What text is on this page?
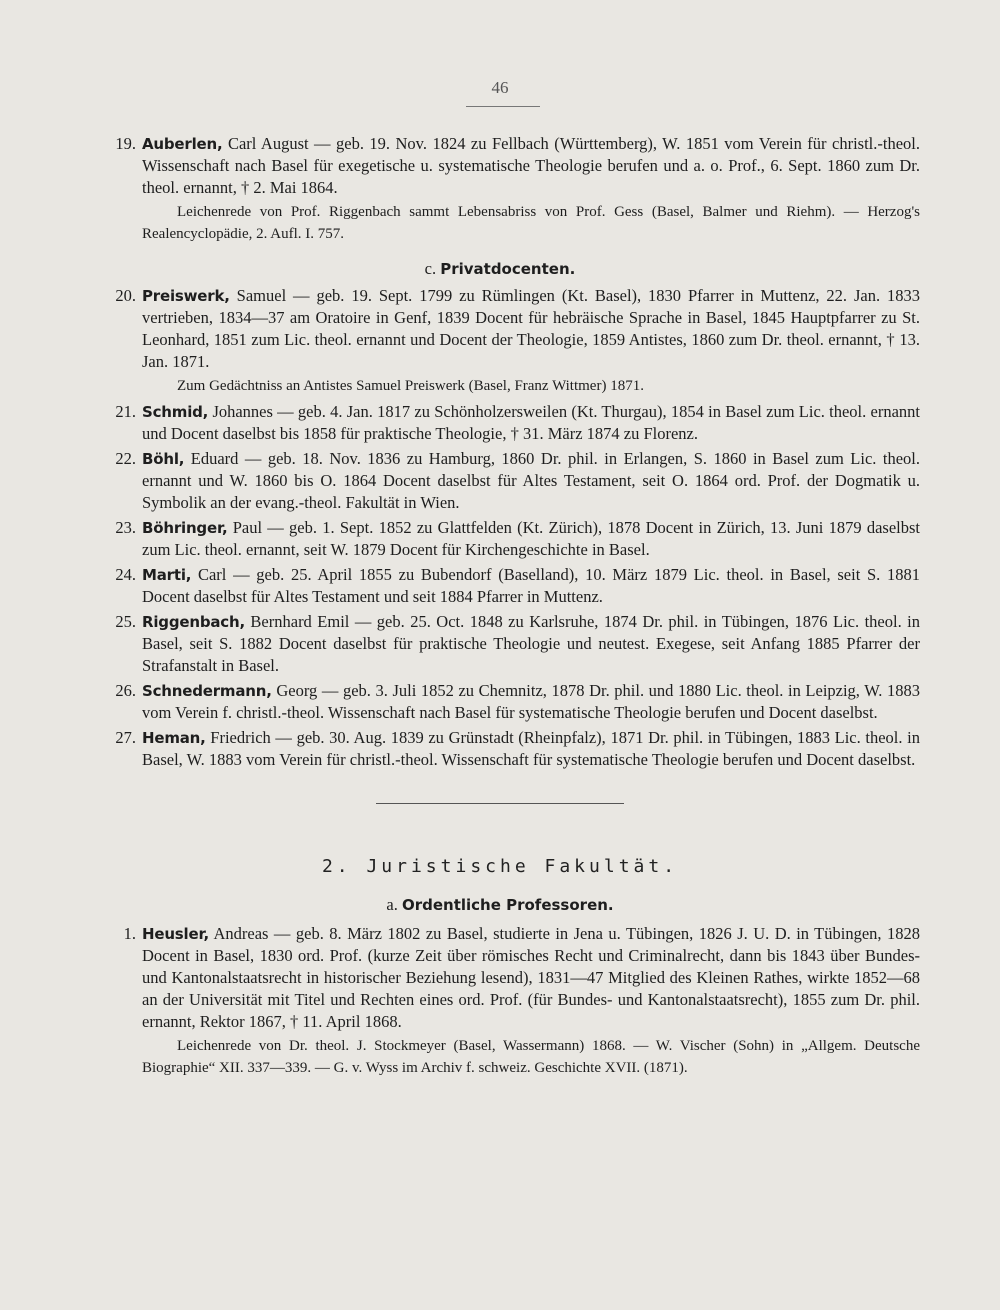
46
19. Auberlen, Carl August — geb. 19. Nov. 1824 zu Fellbach (Württemberg), W. 1851 vom Verein für christl.-theol. Wissenschaft nach Basel für exegetische u. systematische Theologie berufen und a. o. Prof., 6. Sept. 1860 zum Dr. theol. ernannt, † 2. Mai 1864.
Leichenrede von Prof. Riggenbach sammt Lebensabriss von Prof. Gess (Basel, Balmer und Riehm). — Herzog's Realencyclopädie, 2. Aufl. I. 757.
c. Privatdocenten.
20. Preiswerk, Samuel — geb. 19. Sept. 1799 zu Rümlingen (Kt. Basel), 1830 Pfarrer in Muttenz, 22. Jan. 1833 vertrieben, 1834—37 am Oratoire in Genf, 1839 Docent für hebräische Sprache in Basel, 1845 Hauptpfarrer zu St. Leonhard, 1851 zum Lic. theol. ernannt und Docent der Theologie, 1859 Antistes, 1860 zum Dr. theol. ernannt, † 13. Jan. 1871.
Zum Gedächtniss an Antistes Samuel Preiswerk (Basel, Franz Wittmer) 1871.
21. Schmid, Johannes — geb. 4. Jan. 1817 zu Schönholzersweilen (Kt. Thurgau), 1854 in Basel zum Lic. theol. ernannt und Docent daselbst bis 1858 für praktische Theologie, † 31. März 1874 zu Florenz.
22. Böhl, Eduard — geb. 18. Nov. 1836 zu Hamburg, 1860 Dr. phil. in Erlangen, S. 1860 in Basel zum Lic. theol. ernannt und W. 1860 bis O. 1864 Docent daselbst für Altes Testament, seit O. 1864 ord. Prof. der Dogmatik u. Symbolik an der evang.-theol. Fakultät in Wien.
23. Böhringer, Paul — geb. 1. Sept. 1852 zu Glattfelden (Kt. Zürich), 1878 Docent in Zürich, 13. Juni 1879 daselbst zum Lic. theol. ernannt, seit W. 1879 Docent für Kirchengeschichte in Basel.
24. Marti, Carl — geb. 25. April 1855 zu Bubendorf (Baselland), 10. März 1879 Lic. theol. in Basel, seit S. 1881 Docent daselbst für Altes Testament und seit 1884 Pfarrer in Muttenz.
25. Riggenbach, Bernhard Emil — geb. 25. Oct. 1848 zu Karlsruhe, 1874 Dr. phil. in Tübingen, 1876 Lic. theol. in Basel, seit S. 1882 Docent daselbst für praktische Theologie und neutest. Exegese, seit Anfang 1885 Pfarrer der Strafanstalt in Basel.
26. Schnedermann, Georg — geb. 3. Juli 1852 zu Chemnitz, 1878 Dr. phil. und 1880 Lic. theol. in Leipzig, W. 1883 vom Verein f. christl.-theol. Wissenschaft nach Basel für systematische Theologie berufen und Docent daselbst.
27. Heman, Friedrich — geb. 30. Aug. 1839 zu Grünstadt (Rheinpfalz), 1871 Dr. phil. in Tübingen, 1883 Lic. theol. in Basel, W. 1883 vom Verein für christl.-theol. Wissenschaft für systematische Theologie berufen und Docent daselbst.
2. Juristische Fakultät.
a. Ordentliche Professoren.
1. Heusler, Andreas — geb. 8. März 1802 zu Basel, studierte in Jena u. Tübingen, 1826 J. U. D. in Tübingen, 1828 Docent in Basel, 1830 ord. Prof. (kurze Zeit über römisches Recht und Criminalrecht, dann bis 1843 über Bundes- und Kantonalstaatsrecht in historischer Beziehung lesend), 1831—47 Mitglied des Kleinen Rathes, wirkte 1852—68 an der Universität mit Titel und Rechten eines ord. Prof. (für Bundes- und Kantonalstaatsrecht), 1855 zum Dr. phil. ernannt, Rektor 1867, † 11. April 1868.
Leichenrede von Dr. theol. J. Stockmeyer (Basel, Wassermann) 1868. — W. Vischer (Sohn) in „Allgem. Deutsche Biographie“ XII. 337—339. — G. v. Wyss im Archiv f. schweiz. Geschichte XVII. (1871).
